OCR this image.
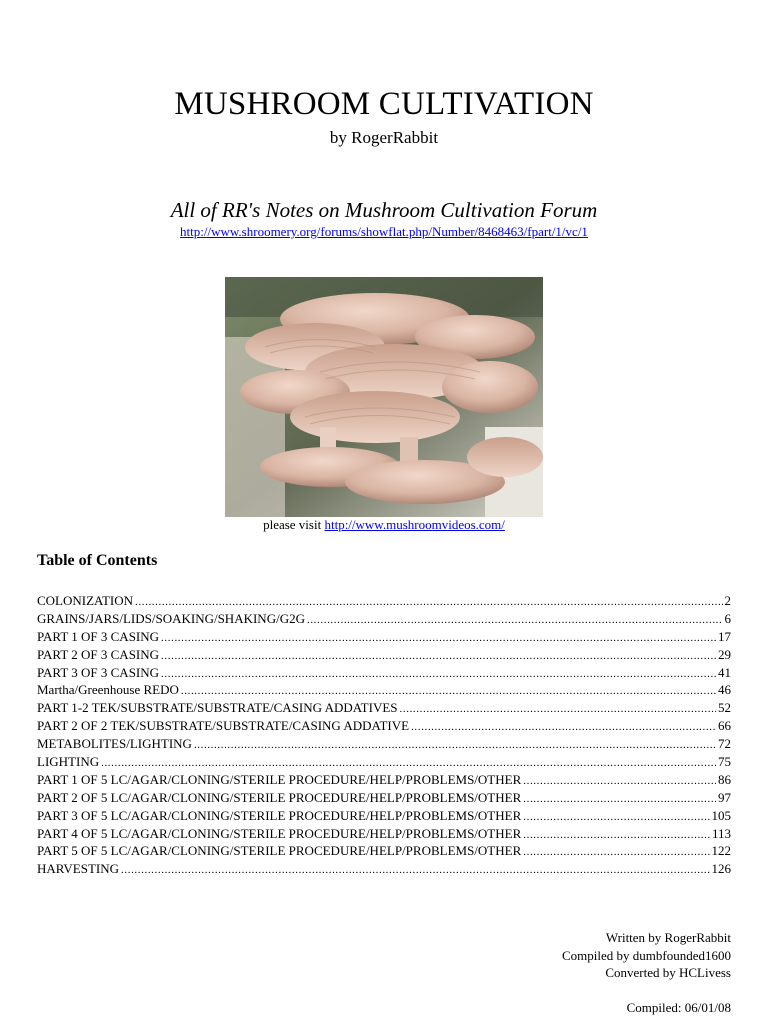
MUSHROOM CULTIVATION
by RogerRabbit
All of RR's Notes on Mushroom Cultivation Forum
http://www.shroomery.org/forums/showflat.php/Number/8468463/fpart/1/vc/1
please visit http://www.mushroomvideos.com/
Table of Contents
COLONIZATION .....	2
GRAINS/JARS/LIDS/SOAKING/SHAKING/G2G .....	6
PART 1 OF 3 CASING .....	17
PART 2 OF 3 CASING .....	29
PART 3 OF 3 CASING .....	41
Martha/Greenhouse REDO .....	46
PART 1-2 TEK/SUBSTRATE/SUBSTRATE/CASING ADDATIVES .....	52
PART 2 OF 2 TEK/SUBSTRATE/SUBSTRATE/CASING ADDATIVE .....	66
METABOLITES/LIGHTING .....	72
LIGHTING .....	75
PART 1 OF 5 LC/AGAR/CLONING/STERILE PROCEDURE/HELP/PROBLEMS/OTHER .....	86
PART 2 OF 5 LC/AGAR/CLONING/STERILE PROCEDURE/HELP/PROBLEMS/OTHER .....	97
PART 3 OF 5 LC/AGAR/CLONING/STERILE PROCEDURE/HELP/PROBLEMS/OTHER .....	105
PART 4 OF 5 LC/AGAR/CLONING/STERILE PROCEDURE/HELP/PROBLEMS/OTHER .....	113
PART 5 OF 5 LC/AGAR/CLONING/STERILE PROCEDURE/HELP/PROBLEMS/OTHER .....	122
HARVESTING .....	126
Written by RogerRabbit
Compiled by dumbfounded1600
Converted by HCLivess
Compiled: 06/01/08
